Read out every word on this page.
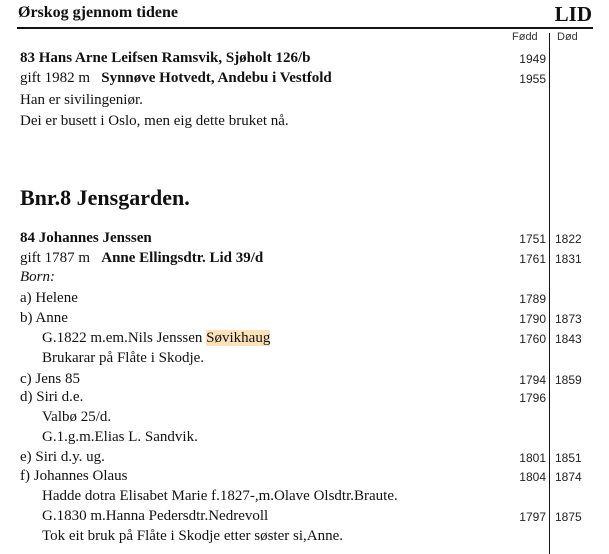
Ørskog gjennom tidene	LID
Fødd Død
83 Hans Arne Leifsen Ramsvik, Sjøholt 126/b	1949
gift 1982 m Synnøve Hotvedt, Andebu i Vestfold	1955
Han er sivilingeniør.
Dei er busett i Oslo, men eig dette bruket nå.
Bnr.8 Jensgarden.
84 Johannes Jenssen	1751 1822
gift 1787 m Anne Ellingsdtr. Lid 39/d	1761 1831
Born:
a) Helene	1789
b) Anne	1790 1873
G.1822 m.em.Nils Jenssen Søvikhaug	1760 1843
Brukarar på Flåte i Skodje.
c) Jens 85	1794 1859
d) Siri d.e.	1796
Valbø 25/d.
G.1.g.m.Elias L. Sandvik.
e) Siri d.y. ug.	1801 1851
f) Johannes Olaus	1804 1874
Hadde dotra Elisabet Marie f.1827-,m.Olave Olsdtr.Braute.
G.1830 m.Hanna Pedersdtr.Nedrevoll	1797 1875
Tok eit bruk på Flåte i Skodje etter søster si,Anne.
